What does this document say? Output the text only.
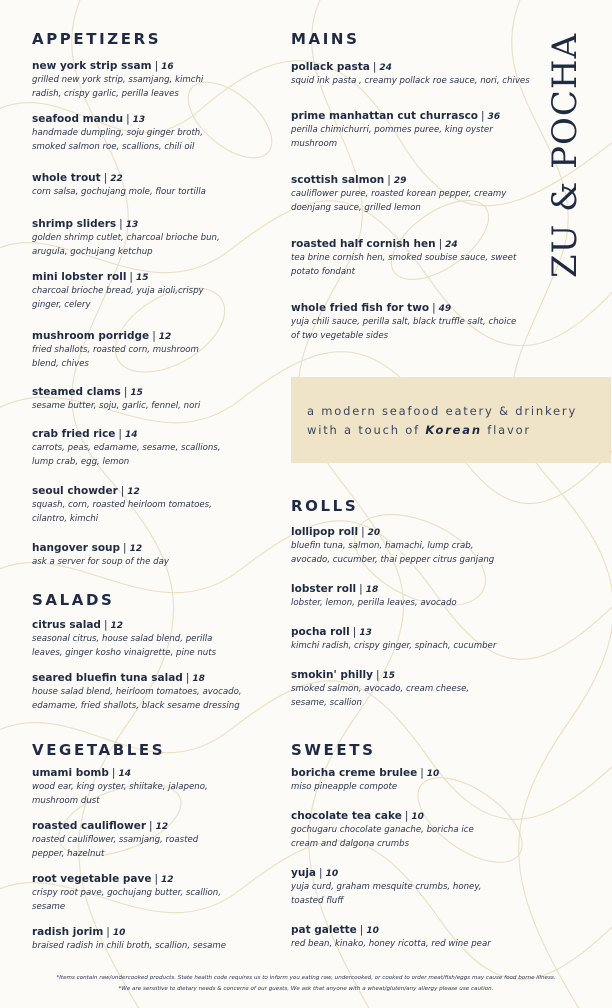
APPETIZERS
new york strip ssam | 16
grilled new york strip, ssamjang, kimchi
radish, crispy garlic, perilla leaves
seafood mandu | 13
handmade dumpling, soju ginger broth,
smoked salmon roe, scallions, chili oil
whole trout | 22
corn salsa, gochujang mole, flour tortilla
shrimp sliders | 13
golden shrimp cutlet, charcoal brioche bun,
arugula, gochujang ketchup
mini lobster roll | 15
charcoal brioche bread, yuja aioli,crispy
ginger, celery
mushroom porridge | 12
fried shallots, roasted corn, mushroom
blend, chives
steamed clams | 15
sesame butter, soju, garlic, fennel, nori
crab fried rice | 14
carrots, peas, edamame, sesame, scallions,
lump crab, egg, lemon
seoul chowder | 12
squash, corn, roasted heirloom tomatoes,
cilantro, kimchi
hangover soup | 12
ask a server for soup of the day
SALADS
citrus salad | 12
seasonal citrus, house salad blend, perilla
leaves, ginger kosho vinaigrette, pine nuts
seared bluefin tuna salad | 18
house salad blend, heirloom tomatoes, avocado,
edamame, fried shallots, black sesame dressing
VEGETABLES
umami bomb | 14
wood ear, king oyster, shiitake, jalapeno,
mushroom dust
roasted cauliflower | 12
roasted cauliflower, ssamjang, roasted
pepper, hazelnut
root vegetable pave | 12
crispy root pave, gochujang butter, scallion,
sesame
radish jorim | 10
braised radish in chili broth, scallion, sesame
MAINS
pollack pasta | 24
squid ink pasta , creamy pollack roe sauce, nori, chives
prime manhattan cut churrasco | 36
perilla chimichurri, pommes puree, king oyster
mushroom
scottish salmon | 29
cauliflower puree, roasted korean pepper, creamy
doenjang sauce, grilled lemon
roasted half cornish hen | 24
tea brine cornish hen, smoked soubise sauce, sweet
potato fondant
whole fried fish for two | 49
yuja chili sauce, perilla salt, black truffle salt, choice
of two vegetable sides
ROLLS
lollipop roll | 20
bluefin tuna, salmon, hamachi, lump crab,
avocado, cucumber, thai pepper citrus ganjang
lobster roll | 18
lobster, lemon, perilla leaves, avocado
pocha roll | 13
kimchi radish, crispy ginger, spinach, cucumber
smokin' philly | 15
smoked salmon, avocado, cream cheese,
sesame, scallion
SWEETS
boricha creme brulee | 10
miso pineapple compote
chocolate tea cake | 10
gochugaru chocolate ganache, boricha ice
cream and dalgona crumbs
yuja | 10
yuja curd, graham mesquite crumbs, honey,
toasted fluff
pat galette | 10
red bean, kinako, honey ricotta, red wine pear
ZU & POCHA
a modern seafood eatery & drinkery
with a touch of Korean flavor
*Items contain raw/undercooked products. State health code requires us to inform you eating raw, undercooked, or cooked to order meat/fish/eggs may cause food borne illness.
*We are sensitive to dietary needs & concerns of our guests, We ask that anyone with a wheat/gluten/any allergy please use caution.
